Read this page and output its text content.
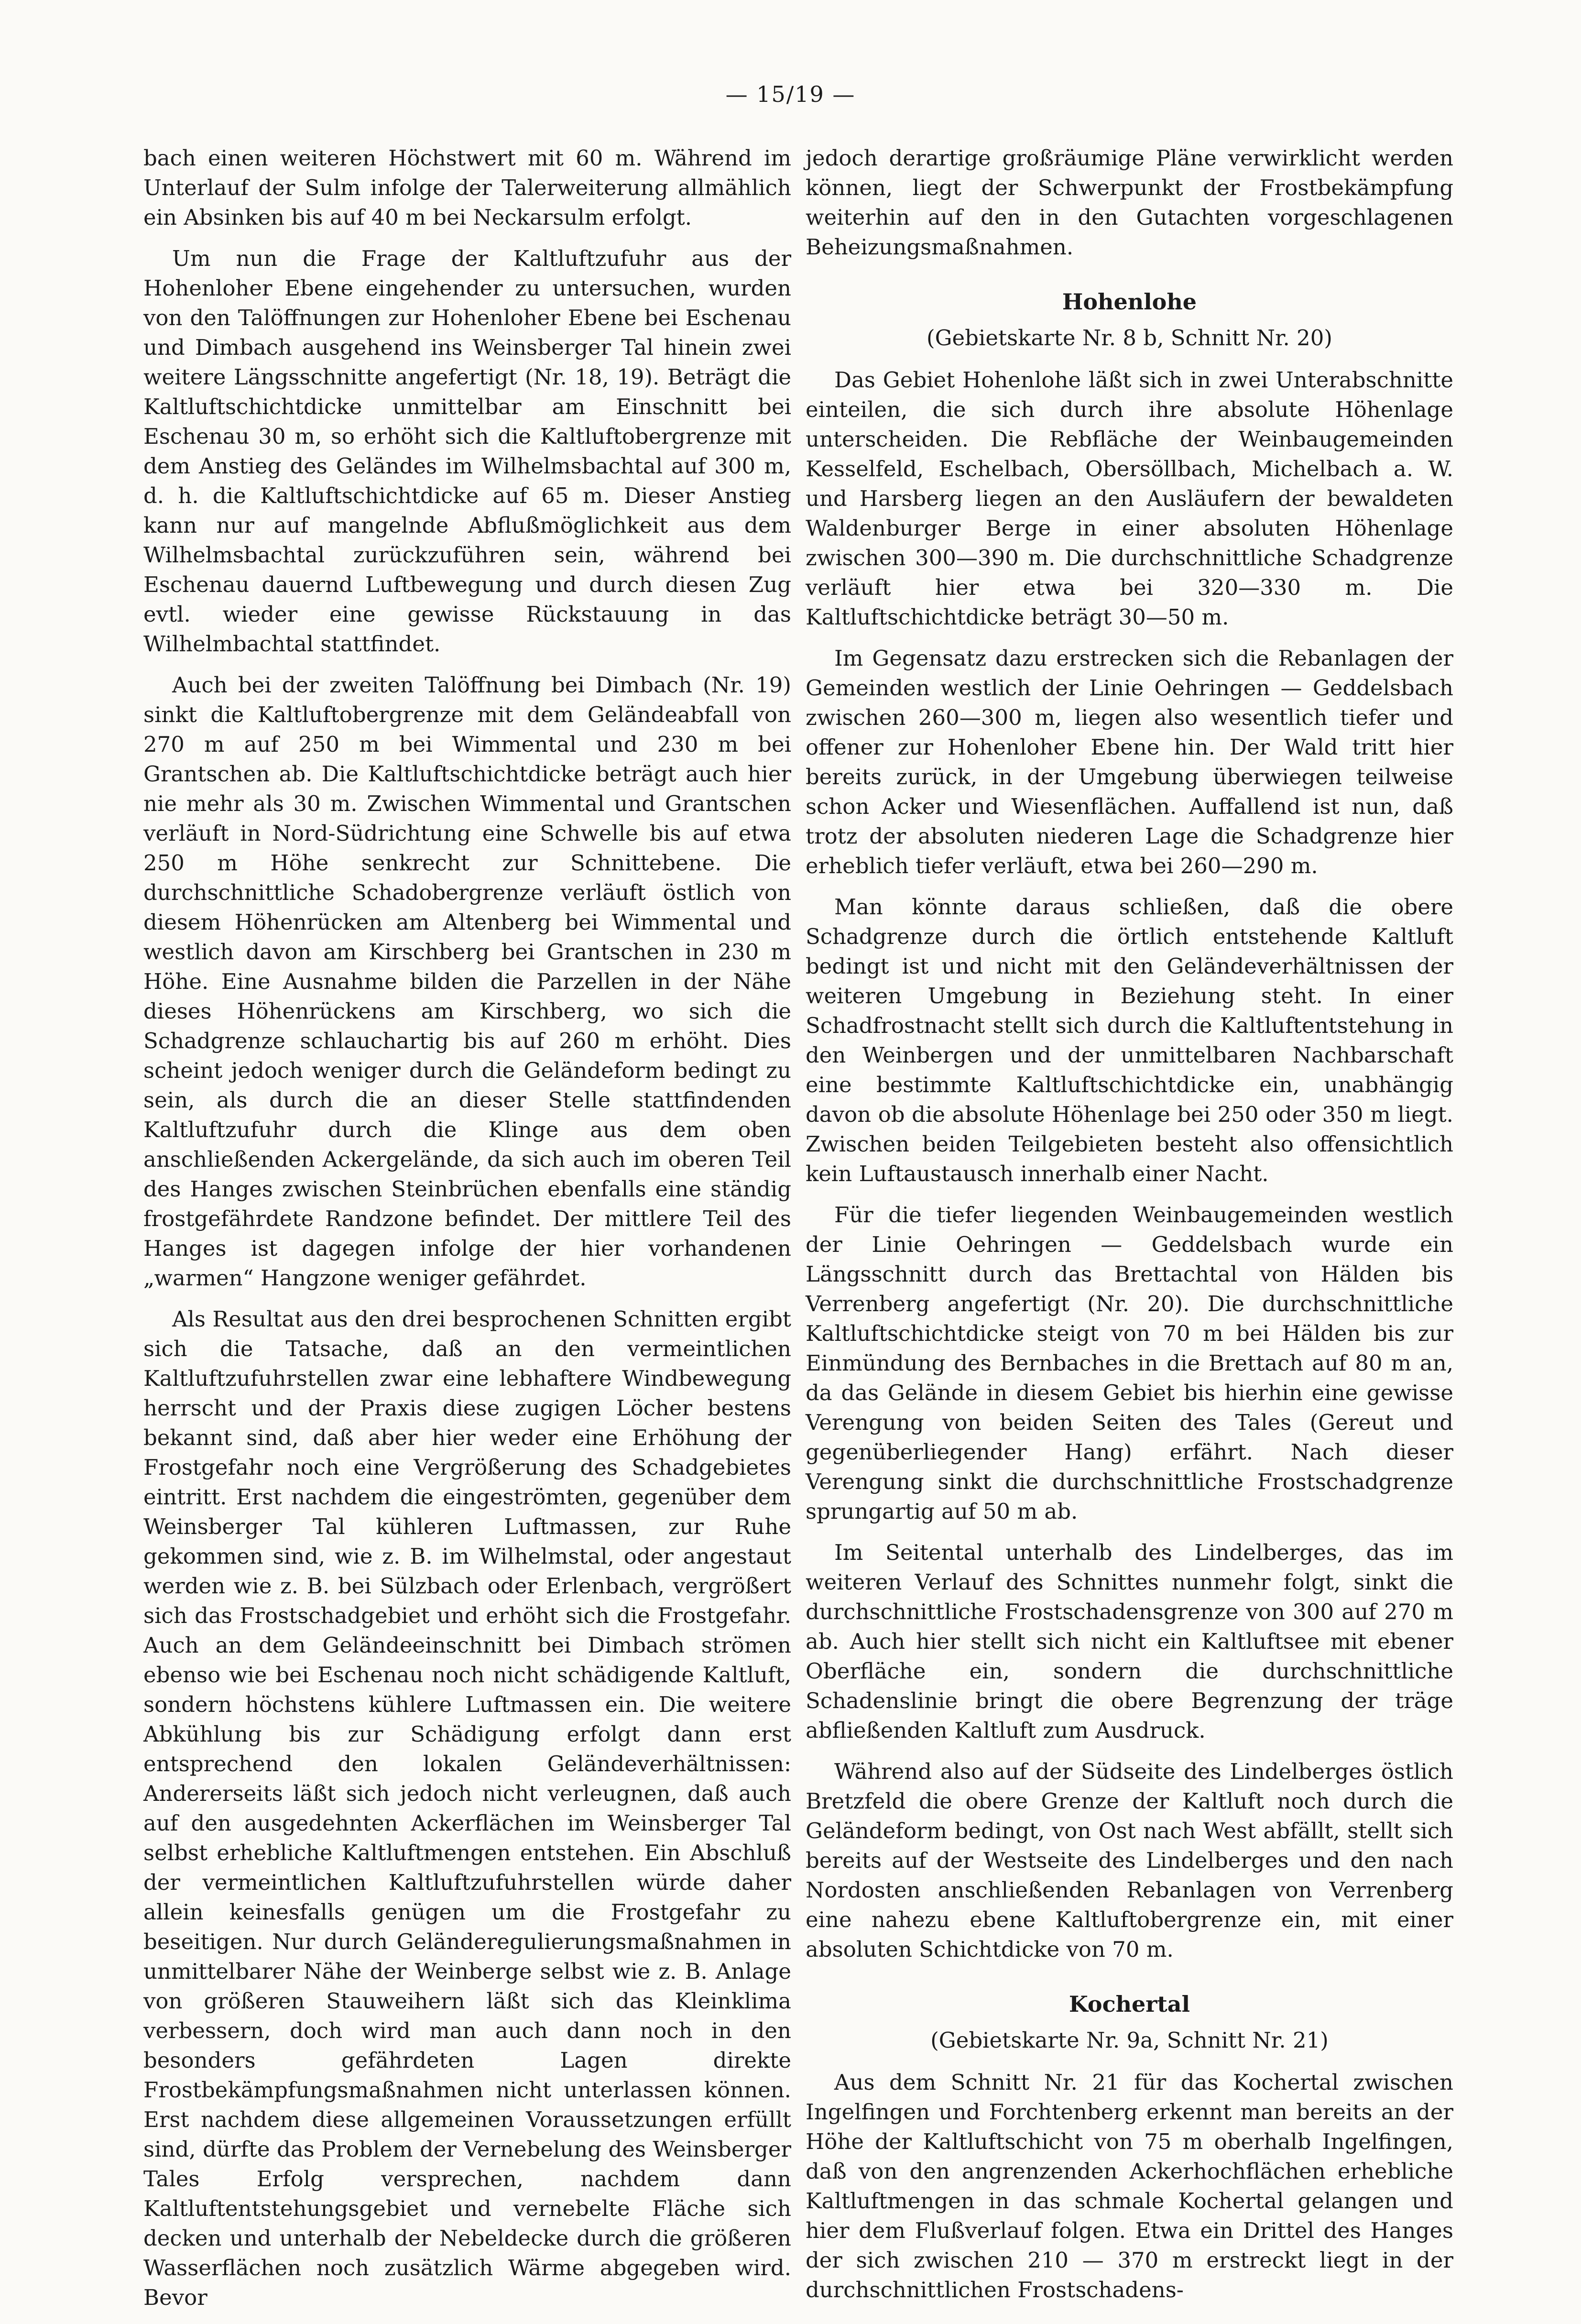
— 15/19 —

bach einen weiteren Höchstwert mit 60 m. Während im Unterlauf der Sulm infolge der Talerweiterung allmählich ein Absinken bis auf 40 m bei Neckarsulm erfolgt.

Um nun die Frage der Kaltluftzufuhr aus der Hohenloher Ebene eingehender zu untersuchen, wurden von den Talöffnungen zur Hohenloher Ebene bei Eschenau und Dimbach ausgehend ins Weinsberger Tal hinein zwei weitere Längsschnitte angefertigt (Nr. 18, 19). Beträgt die Kaltluftschichtdicke unmittelbar am Einschnitt bei Eschenau 30 m, so erhöht sich die Kaltluftobergrenze mit dem Anstieg des Geländes im Wilhelmsbachtal auf 300 m, d. h. die Kaltluftschichtdicke auf 65 m. Dieser Anstieg kann nur auf mangelnde Abflußmöglichkeit aus dem Wilhelmsbachtal zurückzuführen sein, während bei Eschenau dauernd Luftbewegung und durch diesen Zug evtl. wieder eine gewisse Rückstauung in das Wilhelmbachtal stattfindet.

Auch bei der zweiten Talöffnung bei Dimbach (Nr. 19) sinkt die Kaltluftobergrenze mit dem Geländeabfall von 270 m auf 250 m bei Wimmental und 230 m bei Grantschen ab. Die Kaltluftschichtdicke beträgt auch hier nie mehr als 30 m. Zwischen Wimmental und Grantschen verläuft in Nord-Südrichtung eine Schwelle bis auf etwa 250 m Höhe senkrecht zur Schnittebene. Die durchschnittliche Schadobergrenze verläuft östlich von diesem Höhenrücken am Altenberg bei Wimmental und westlich davon am Kirschberg bei Grantschen in 230 m Höhe. Eine Ausnahme bilden die Parzellen in der Nähe dieses Höhenrückens am Kirschberg, wo sich die Schadgrenze schlauchartig bis auf 260 m erhöht. Dies scheint jedoch weniger durch die Geländeform bedingt zu sein, als durch die an dieser Stelle stattfindenden Kaltluftzufuhr durch die Klinge aus dem oben anschließenden Ackergelände, da sich auch im oberen Teil des Hanges zwischen Steinbrüchen ebenfalls eine ständig frostgefährdete Randzone befindet. Der mittlere Teil des Hanges ist dagegen infolge der hier vorhandenen „warmen“ Hangzone weniger gefährdet.

Als Resultat aus den drei besprochenen Schnitten ergibt sich die Tatsache, daß an den vermeintlichen Kaltluftzufuhrstellen zwar eine lebhaftere Windbewegung herrscht und der Praxis diese zugigen Löcher bestens bekannt sind, daß aber hier weder eine Erhöhung der Frostgefahr noch eine Vergrößerung des Schadgebietes eintritt. Erst nachdem die eingeströmten, gegenüber dem Weinsberger Tal kühleren Luftmassen, zur Ruhe gekommen sind, wie z. B. im Wilhelmstal, oder angestaut werden wie z. B. bei Sülzbach oder Erlenbach, vergrößert sich das Frostschadgebiet und erhöht sich die Frostgefahr. Auch an dem Geländeeinschnitt bei Dimbach strömen ebenso wie bei Eschenau noch nicht schädigende Kaltluft, sondern höchstens kühlere Luftmassen ein. Die weitere Abkühlung bis zur Schädigung erfolgt dann erst entsprechend den lokalen Geländeverhältnissen: Andererseits läßt sich jedoch nicht verleugnen, daß auch auf den ausgedehnten Ackerflächen im Weinsberger Tal selbst erhebliche Kaltluftmengen entstehen. Ein Abschluß der vermeintlichen Kaltluftzufuhrstellen würde daher allein keinesfalls genügen um die Frostgefahr zu beseitigen. Nur durch Geländeregulierungsmaßnahmen in unmittelbarer Nähe der Weinberge selbst wie z. B. Anlage von größeren Stauweihern läßt sich das Kleinklima verbessern, doch wird man auch dann noch in den besonders gefährdeten Lagen direkte Frostbekämpfungsmaßnahmen nicht unterlassen können. Erst nachdem diese allgemeinen Voraussetzungen erfüllt sind, dürfte das Problem der Vernebelung des Weinsberger Tales Erfolg versprechen, nachdem dann Kaltluftentstehungsgebiet und vernebelte Fläche sich decken und unterhalb der Nebeldecke durch die größeren Wasserflächen noch zusätzlich Wärme abgegeben wird. Bevor

jedoch derartige großräumige Pläne verwirklicht werden können, liegt der Schwerpunkt der Frostbekämpfung weiterhin auf den in den Gutachten vorgeschlagenen Beheizungsmaßnahmen.

Hohenlohe
(Gebietskarte Nr. 8 b, Schnitt Nr. 20)

Das Gebiet Hohenlohe läßt sich in zwei Unterabschnitte einteilen, die sich durch ihre absolute Höhenlage unterscheiden. Die Rebfläche der Weinbaugemeinden Kesselfeld, Eschelbach, Obersöllbach, Michelbach a. W. und Harsberg liegen an den Ausläufern der bewaldeten Waldenburger Berge in einer absoluten Höhenlage zwischen 300—390 m. Die durchschnittliche Schadgrenze verläuft hier etwa bei 320—330 m. Die Kaltluftschichtdicke beträgt 30—50 m.

Im Gegensatz dazu erstrecken sich die Rebanlagen der Gemeinden westlich der Linie Oehringen — Geddelsbach zwischen 260—300 m, liegen also wesentlich tiefer und offener zur Hohenloher Ebene hin. Der Wald tritt hier bereits zurück, in der Umgebung überwiegen teilweise schon Acker und Wiesenflächen. Auffallend ist nun, daß trotz der absoluten niederen Lage die Schadgrenze hier erheblich tiefer verläuft, etwa bei 260—290 m.

Man könnte daraus schließen, daß die obere Schadgrenze durch die örtlich entstehende Kaltluft bedingt ist und nicht mit den Geländeverhältnissen der weiteren Umgebung in Beziehung steht. In einer Schadfrostnacht stellt sich durch die Kaltluftentstehung in den Weinbergen und der unmittelbaren Nachbarschaft eine bestimmte Kaltluftschichtdicke ein, unabhängig davon ob die absolute Höhenlage bei 250 oder 350 m liegt. Zwischen beiden Teilgebieten besteht also offensichtlich kein Luftaustausch innerhalb einer Nacht.

Für die tiefer liegenden Weinbaugemeinden westlich der Linie Oehringen — Geddelsbach wurde ein Längsschnitt durch das Brettachtal von Hälden bis Verrenberg angefertigt (Nr. 20). Die durchschnittliche Kaltluftschichtdicke steigt von 70 m bei Hälden bis zur Einmündung des Bernbaches in die Brettach auf 80 m an, da das Gelände in diesem Gebiet bis hierhin eine gewisse Verengung von beiden Seiten des Tales (Gereut und gegenüberliegender Hang) erfährt. Nach dieser Verengung sinkt die durchschnittliche Frostschadgrenze sprungartig auf 50 m ab.

Im Seitental unterhalb des Lindelberges, das im weiteren Verlauf des Schnittes nunmehr folgt, sinkt die durchschnittliche Frostschadensgrenze von 300 auf 270 m ab. Auch hier stellt sich nicht ein Kaltluftsee mit ebener Oberfläche ein, sondern die durchschnittliche Schadenslinie bringt die obere Begrenzung der träge abfließenden Kaltluft zum Ausdruck.

Während also auf der Südseite des Lindelberges östlich Bretzfeld die obere Grenze der Kaltluft noch durch die Geländeform bedingt, von Ost nach West abfällt, stellt sich bereits auf der Westseite des Lindelberges und den nach Nordosten anschließenden Rebanlagen von Verrenberg eine nahezu ebene Kaltluftobergrenze ein, mit einer absoluten Schichtdicke von 70 m.

Kochertal
(Gebietskarte Nr. 9a, Schnitt Nr. 21)

Aus dem Schnitt Nr. 21 für das Kochertal zwischen Ingelfingen und Forchtenberg erkennt man bereits an der Höhe der Kaltluftschicht von 75 m oberhalb Ingelfingen, daß von den angrenzenden Ackerhochflächen erhebliche Kaltluftmengen in das schmale Kochertal gelangen und hier dem Flußverlauf folgen. Etwa ein Drittel des Hanges der sich zwischen 210 — 370 m erstreckt liegt in der durchschnittlichen Frostschadens-
